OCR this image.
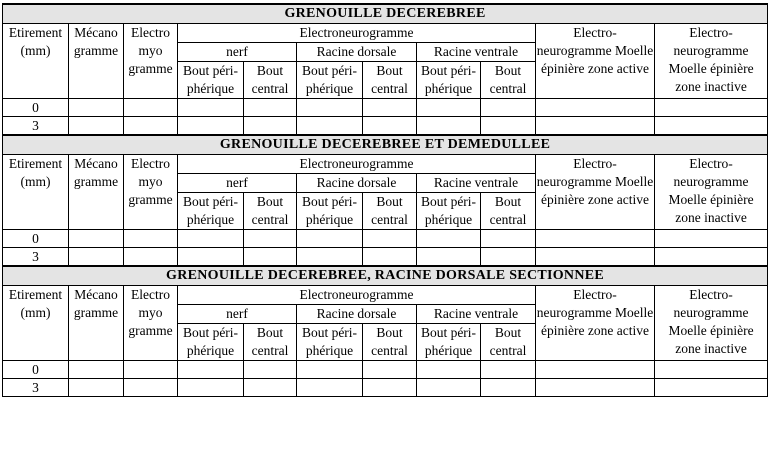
GRENOUILLE DECEREBREE										
Etirement (mm)	Mécano gramme	Electro myo gramme	Electroneurogramme						Electro-neurogramme Moelle épinière zone active	Electro-neurogramme Moelle épinière zone inactive
			nerf		Racine dorsale		Racine ventrale			
			Bout péri-phérique	Bout central	Bout péri-phérique	Bout central	Bout péri-phérique	Bout central		
0										
3										
GRENOUILLE DECEREBREE ET DEMEDULLEE										
Etirement (mm)	Mécano gramme	Electro myo gramme	Electroneurogramme						Electro-neurogramme Moelle épinière zone active	Electro-neurogramme Moelle épinière zone inactive
			nerf		Racine dorsale		Racine ventrale			
			Bout péri-phérique	Bout central	Bout péri-phérique	Bout central	Bout péri-phérique	Bout central		
0										
3										
GRENOUILLE DECEREBREE, RACINE DORSALE SECTIONNEE										
Etirement (mm)	Mécano gramme	Electro myo gramme	Electroneurogramme						Electro-neurogramme Moelle épinière zone active	Electro-neurogramme Moelle épinière zone inactive
			nerf		Racine dorsale		Racine ventrale			
			Bout péri-phérique	Bout central	Bout péri-phérique	Bout central	Bout péri-phérique	Bout central		
0										
3										
